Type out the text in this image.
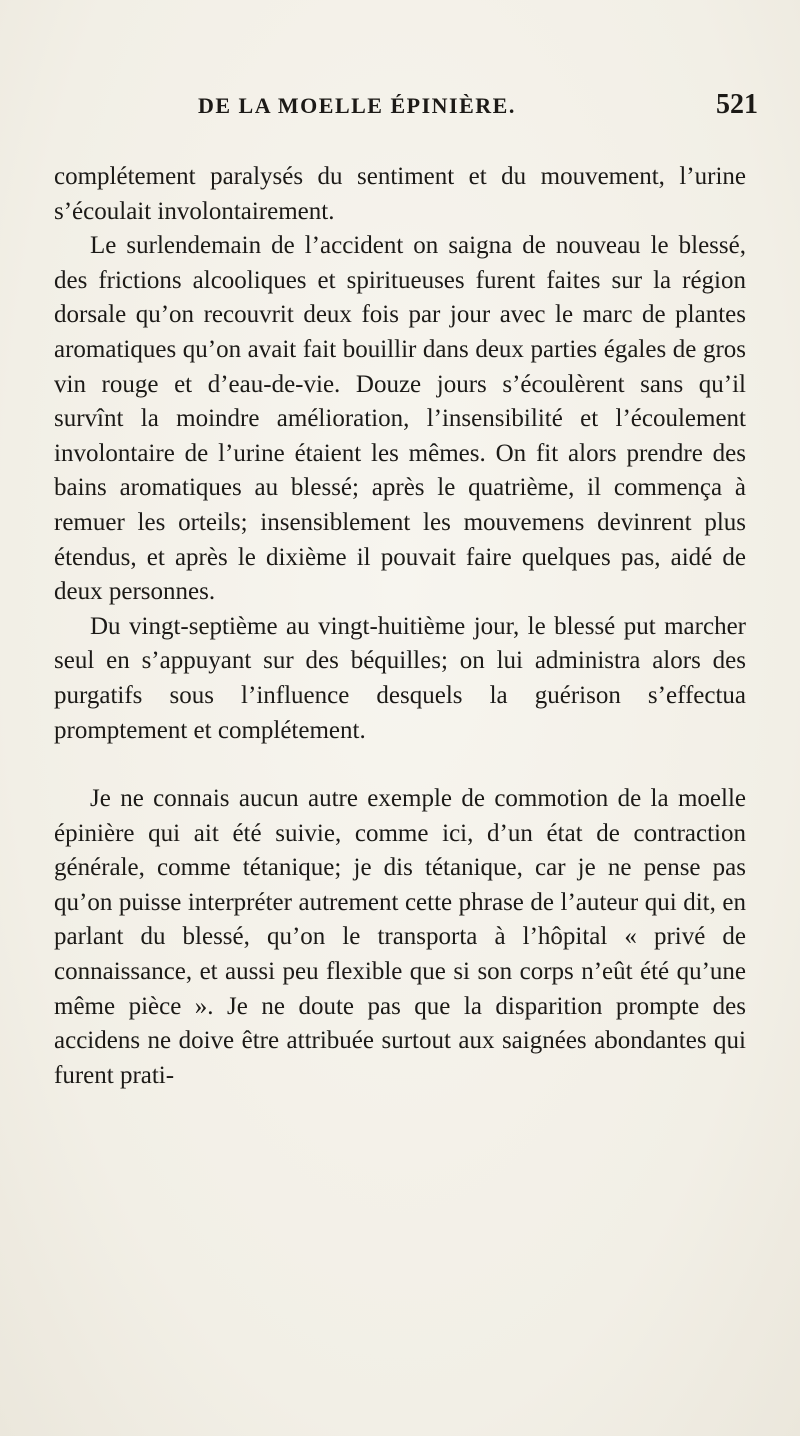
DE LA MOELLE ÉPINIÈRE.	521

complétement paralysés du sentiment et du mouvement, l’urine s’écoulait involontairement.

Le surlendemain de l’accident on saigna de nouveau le blessé, des frictions alcooliques et spiritueuses furent faites sur la région dorsale qu’on recouvrit deux fois par jour avec le marc de plantes aromatiques qu’on avait fait bouillir dans deux parties égales de gros vin rouge et d’eau-de-vie. Douze jours s’écoulèrent sans qu’il survînt la moindre amélioration, l’insensibilité et l’écoulement involontaire de l’urine étaient les mêmes. On fit alors prendre des bains aromatiques au blessé; après le quatrième, il commença à remuer les orteils; insensiblement les mouvemens devinrent plus étendus, et après le dixième il pouvait faire quelques pas, aidé de deux personnes.

Du vingt-septième au vingt-huitième jour, le blessé put marcher seul en s’appuyant sur des béquilles; on lui administra alors des purgatifs sous l’influence desquels la guérison s’effectua promptement et complétement.

Je ne connais aucun autre exemple de commotion de la moelle épinière qui ait été suivie, comme ici, d’un état de contraction générale, comme tétanique; je dis tétanique, car je ne pense pas qu’on puisse interpréter autrement cette phrase de l’auteur qui dit, en parlant du blessé, qu’on le transporta à l’hôpital « privé de connaissance, et aussi peu flexible que si son corps n’eût été qu’une même pièce ». Je ne doute pas que la disparition prompte des accidens ne doive être attribuée surtout aux saignées abondantes qui furent prati-
